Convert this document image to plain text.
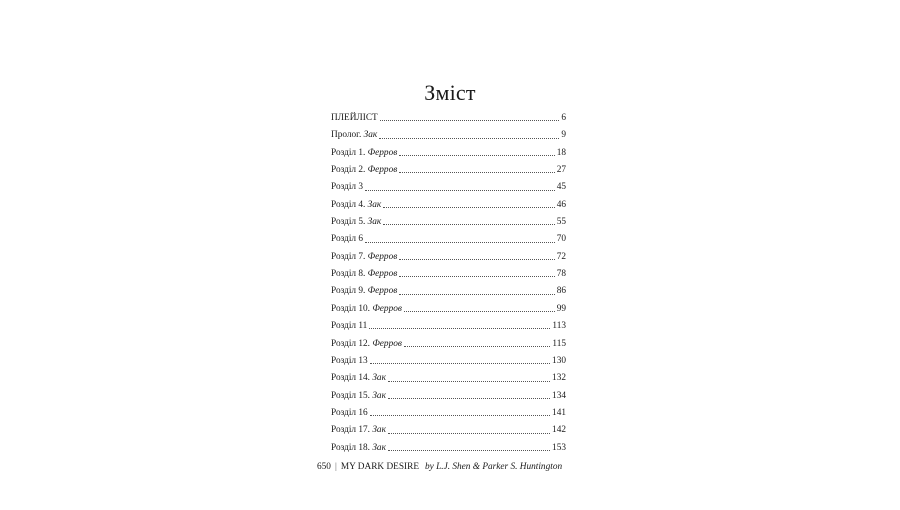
Зміст
ПЛЕЙЛІСТ	6
Пролог. Зак	9
Розділ 1. Ферров	18
Розділ 2. Ферров	27
Розділ 3	45
Розділ 4. Зак	46
Розділ 5. Зак	55
Розділ 6	70
Розділ 7. Ферров	72
Розділ 8. Ферров	78
Розділ 9. Ферров	86
Розділ 10. Ферров	99
Розділ 11	113
Розділ 12. Ферров	115
Розділ 13	130
Розділ 14. Зак	132
Розділ 15. Зак	134
Розділ 16	141
Розділ 17. Зак	142
Розділ 18. Зак	153
650 | MY DARK DESIRE by L.J. Shen & Parker S. Huntington
